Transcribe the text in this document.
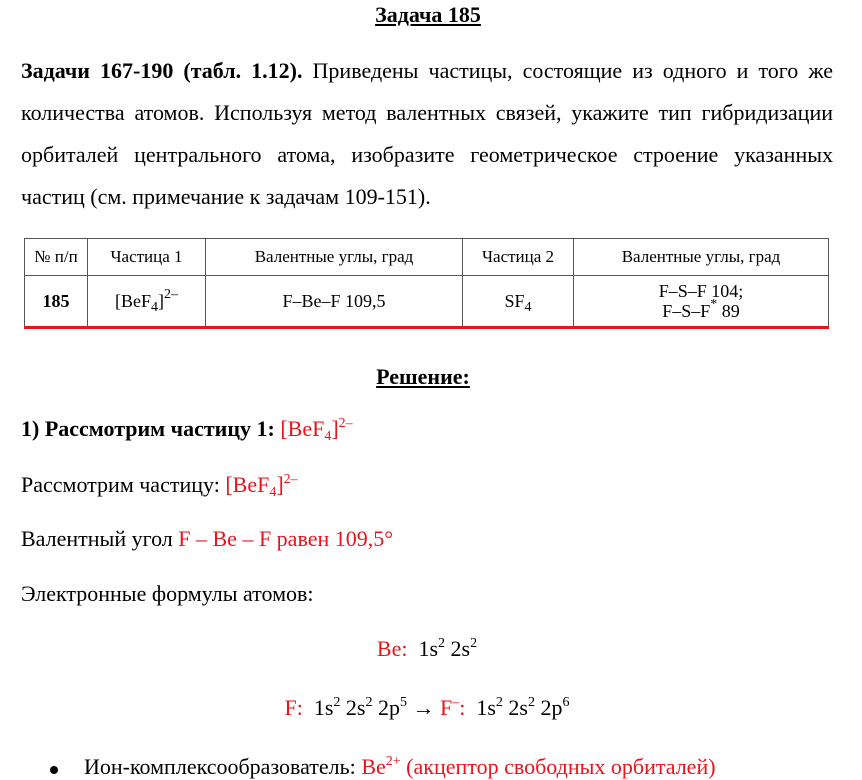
Задача 185
Задачи 167-190 (табл. 1.12). Приведены частицы, состоящие из одного и того же количества атомов. Используя метод валентных связей, укажите тип гибридизации орбиталей центрального атома, изобразите геометрическое строение указанных частиц (см. примечание к задачам 109-151).
№ п/п	Частица 1	Валентные углы, град	Частица 2	Валентные углы, град
185	$[BeF_4]^{2-}$	F–Be–F 109,5	$SF_4$	F–S–F 104;
F–S–F* 89
Решение:
1) Рассмотрим частицу 1: $[BeF_4]^{2-}$
Рассмотрим частицу: $[BeF_4]^{2-}$
Валентный угол F – Be – F равен 109,5°
Электронные формулы атомов:
Be: $1s^2$ $2s^2$
F: $1s^2$ $2s^2$ $2p^5 \to F^-$: $1s^2$ $2s^2$ $2p^6$
Ион-комплексообразователь: $Be^{2+}$ (акцептор свободных орбиталей)
